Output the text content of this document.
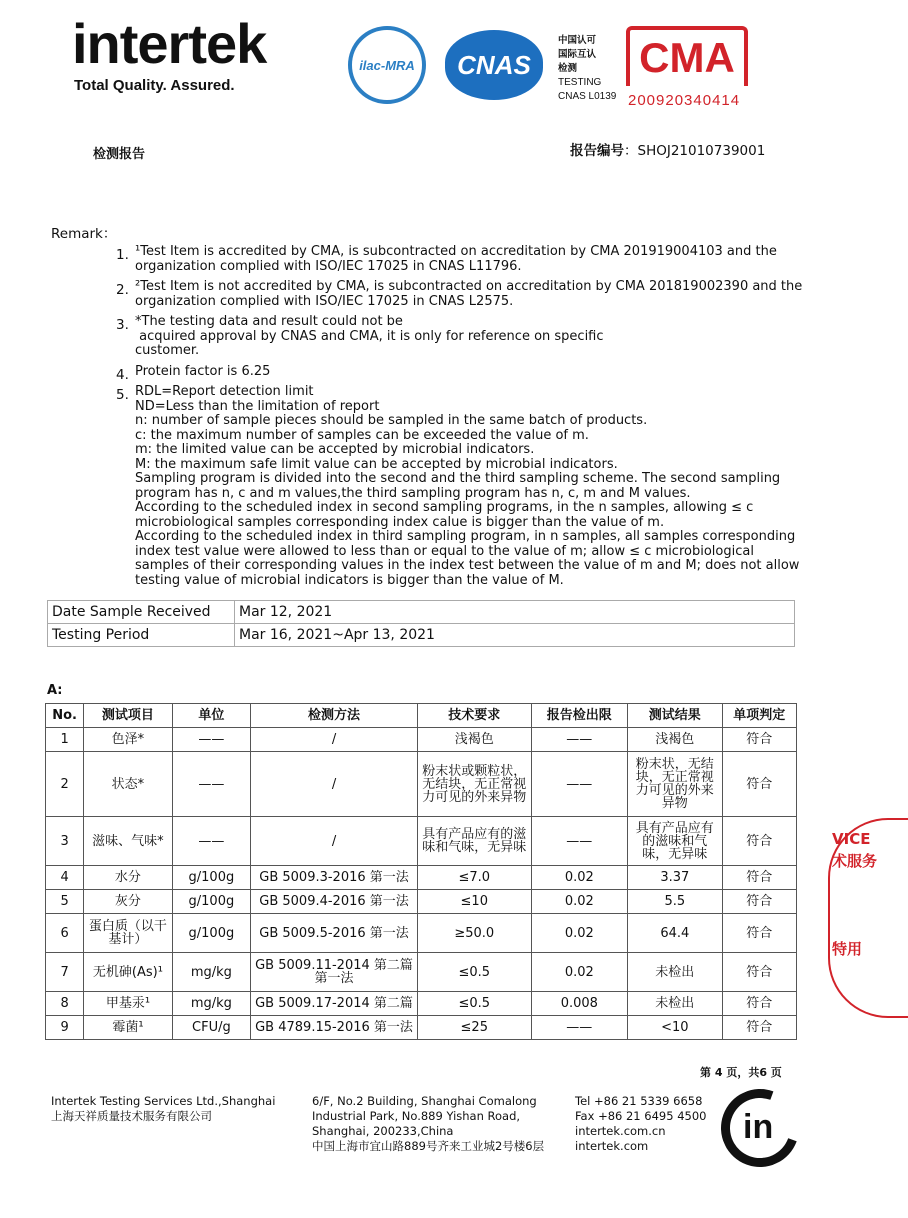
intertek
Total Quality. Assured.
ilac-MRA CNAS
中国认可
国际互认
检测
TESTING
CNAS L0139
CMA
200920340414
检测报告	报告编号：SHOJ21010739001
Remark：
1. ¹Test Item is accredited by CMA, is subcontracted on accreditation by CMA 201919004103 and the
organization complied with ISO/IEC 17025 in CNAS L11796.
2. ²Test Item is not accredited by CMA, is subcontracted on accreditation by CMA 201819002390 and the
organization complied with ISO/IEC 17025 in CNAS L2575.
3. *The testing data and result could not be
acquired approval by CNAS and CMA, it is only for reference on specific
customer.
4. Protein factor is 6.25
5. RDL=Report detection limit
ND=Less than the limitation of report
n: number of sample pieces should be sampled in the same batch of products.
c: the maximum number of samples can be exceeded the value of m.
m: the limited value can be accepted by microbial indicators.
M: the maximum safe limit value can be accepted by microbial indicators.
Sampling program is divided into the second and the third sampling scheme. The second sampling
program has n, c and m values,the third sampling program has n, c, m and M values.
According to the scheduled index in second sampling programs, in the n samples, allowing ≤ c
microbiological samples corresponding index calue is bigger than the value of m.
According to the scheduled index in third sampling program, in n samples, all samples corresponding
index test value were allowed to less than or equal to the value of m; allow ≤ c microbiological
samples of their corresponding values in the index test between the value of m and M; does not allow
testing value of microbial indicators is bigger than the value of M.
Date Sample Received	Mar 12, 2021
Testing Period	Mar 16, 2021~Apr 13, 2021
A:
No.	测试项目	单位	检测方法	技术要求	报告检出限	测试结果	单项判定
1	色泽*	——	/	浅褐色	——	浅褐色	符合
2	状态*	——	/	粉末状或颗粒状，无结块，无正常视力可见的外来异物	——	粉末状，无结块，无正常视力可见的外来异物	符合
3	滋味、气味*	——	/	具有产品应有的滋味和气味，无异味	——	具有产品应有的滋味和气味，无异味	符合
4	水分	g/100g	GB 5009.3-2016 第一法	≤7.0	0.02	3.37	符合
5	灰分	g/100g	GB 5009.4-2016 第一法	≤10	0.02	5.5	符合
6	蛋白质（以干基计）	g/100g	GB 5009.5-2016 第一法	≥50.0	0.02	64.4	符合
7	无机砷(As)¹	mg/kg	GB 5009.11-2014 第二篇第一法	≤0.5	0.02	未检出	符合
8	甲基汞¹	mg/kg	GB 5009.17-2014 第二篇	≤0.5	0.008	未检出	符合
9	霉菌¹	CFU/g	GB 4789.15-2016 第一法	≤25	——	<10	符合
VICE
术服务
特用
第 4 页，共6 页
Intertek Testing Services Ltd.,Shanghai
上海天祥质量技术服务有限公司
6/F, No.2 Building, Shanghai Comalong
Industrial Park, No.889 Yishan Road,
Shanghai, 200233,China
中国上海市宜山路889号齐来工业城2号楼6层
Tel +86 21 5339 6658
Fax +86 21 6495 4500
intertek.com.cn
intertek.com	in
